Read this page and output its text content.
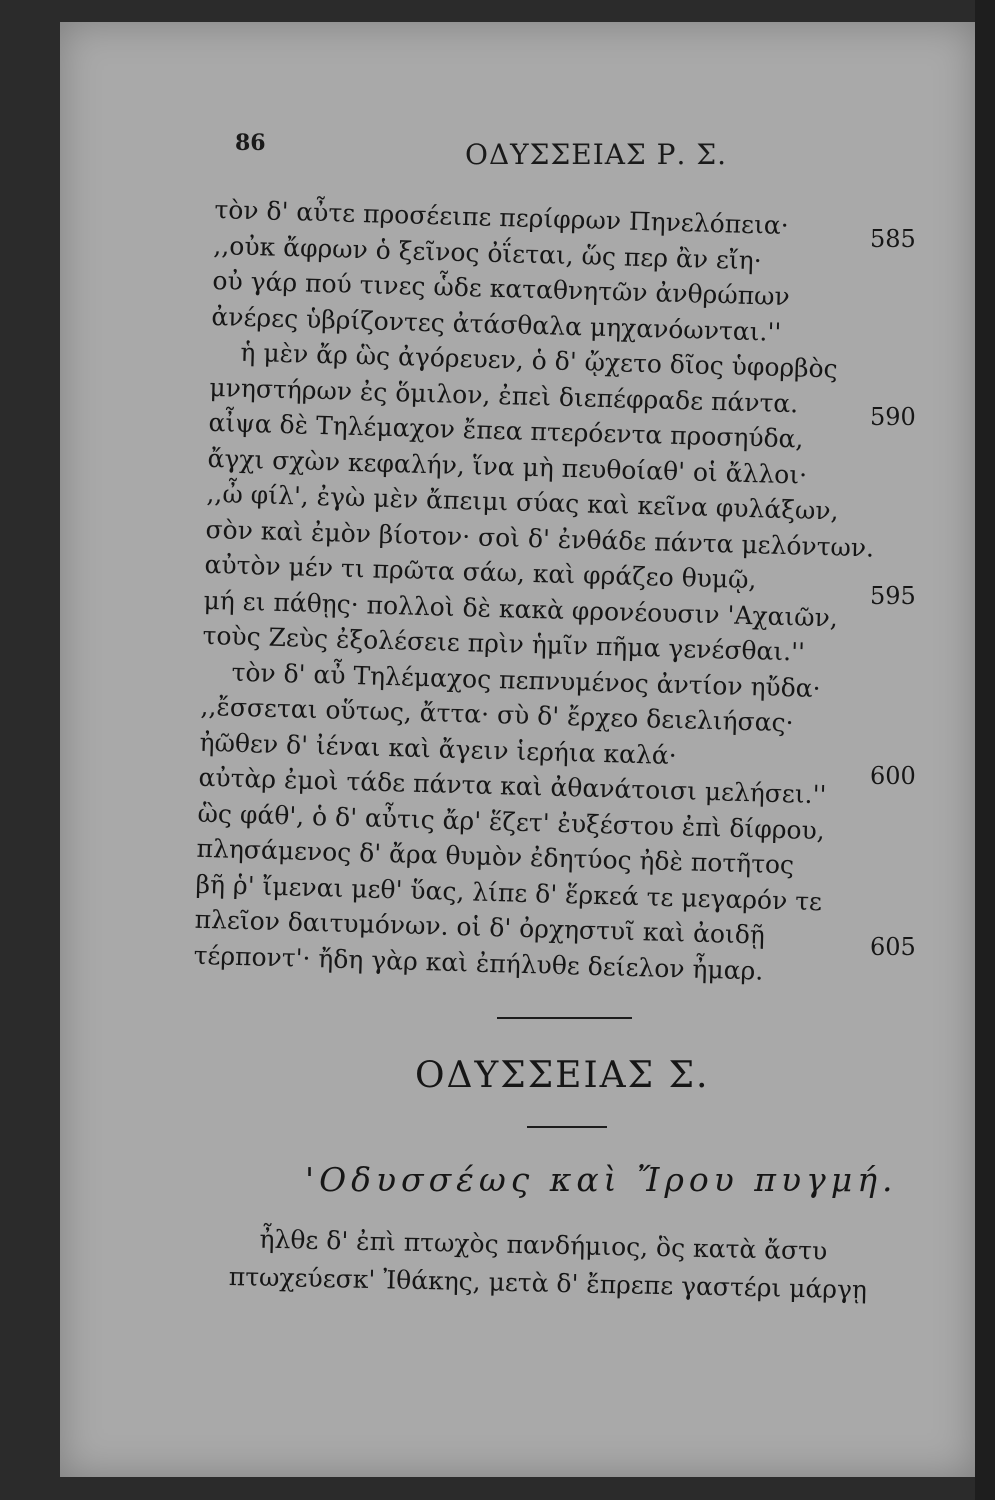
86	ΟΔΥΣΣΕΙΑΣ Ρ. Σ.
τὸν δ' αὖτε προσέειπε περίφρων Πηνελόπεια·
,,οὐκ ἄφρων ὁ ξεῖνος ὀΐεται, ὥς περ ἂν εἴη·
οὐ γάρ πού τινες ὧδε καταθνητῶν ἀνθρώπων
ἀνέρες ὑβρίζοντες ἀτάσθαλα μηχανόωνται.''
ἡ μὲν ἄρ ὣς ἀγόρευεν, ὁ δ' ᾤχετο δῖος ὑφορβὸς
μνηστήρων ἐς ὅμιλον, ἐπεὶ διεπέφραδε πάντα.
αἶψα δὲ Τηλέμαχον ἔπεα πτερόεντα προσηύδα,
ἄγχι σχὼν κεφαλήν, ἵνα μὴ πευθοίαθ' οἱ ἄλλοι·
,,ὦ φίλ', ἐγὼ μὲν ἄπειμι σύας καὶ κεῖνα φυλάξων,
σὸν καὶ ἐμὸν βίοτον· σοὶ δ' ἐνθάδε πάντα μελόντων.
αὐτὸν μέν τι πρῶτα σάω, καὶ φράζεο θυμῷ,
μή ει πάθῃς· πολλοὶ δὲ κακὰ φρονέουσιν 'Αχαιῶν,
τοὺς Ζεὺς ἐξολέσειε πρὶν ἡμῖν πῆμα γενέσθαι.''
τὸν δ' αὖ Τηλέμαχος πεπνυμένος ἀντίον ηὔδα·
,,ἔσσεται οὕτως, ἄττα· σὺ δ' ἔρχεο δειελιήσας·
ἠῶθεν δ' ἰέναι καὶ ἄγειν ἱερήια καλά·
αὐτὰρ ἐμοὶ τάδε πάντα καὶ ἀθανάτοισι μελήσει.''
ὣς φάθ', ὁ δ' αὖτις ἄρ' ἕζετ' ἐυξέστου ἐπὶ δίφρου,
πλησάμενος δ' ἄρα θυμὸν ἐδητύος ἠδὲ ποτῆτος
βῆ ῥ' ἴμεναι μεθ' ὕας, λίπε δ' ἕρκεά τε μεγαρόν τε
πλεῖον δαιτυμόνων. οἱ δ' ὀρχηστυῖ καὶ ἀοιδῇ
τέρποντ'· ἤδη γὰρ καὶ ἐπήλυθε δείελον ἦμαρ.
585
590
595
600
605
ΟΔΥΣΣΕΙΑΣ Σ.
'Οδυσσέως καὶ Ἴρου πυγμή.
ἦλθε δ' ἐπὶ πτωχὸς πανδήμιος, ὃς κατὰ ἄστυ
πτωχεύεσκ' Ἰθάκης, μετὰ δ' ἔπρεπε γαστέρι μάργῃ
